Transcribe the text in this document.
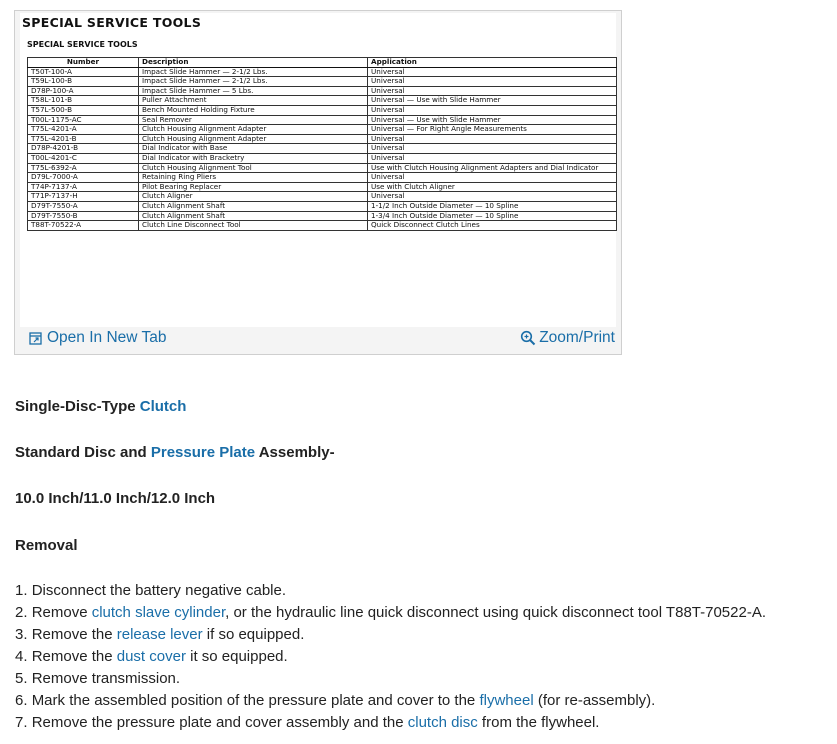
SPECIAL SERVICE TOOLS
SPECIAL SERVICE TOOLS
Number	Description	Application
T50T-100-A	Impact Slide Hammer — 2-1/2 Lbs.	Universal
T59L-100-B	Impact Slide Hammer — 2-1/2 Lbs.	Universal
D78P-100-A	Impact Slide Hammer — 5 Lbs.	Universal
T58L-101-B	Puller Attachment	Universal — Use with Slide Hammer
T57L-500-B	Bench Mounted Holding Fixture	Universal
T00L-1175-AC	Seal Remover	Universal — Use with Slide Hammer
T75L-4201-A	Clutch Housing Alignment Adapter	Universal — For Right Angle Measurements
T75L-4201-B	Clutch Housing Alignment Adapter	Universal
D78P-4201-B	Dial Indicator with Base	Universal
T00L-4201-C	Dial Indicator with Bracketry	Universal
T75L-6392-A	Clutch Housing Alignment Tool	Use with Clutch Housing Alignment Adapters and Dial Indicator
D79L-7000-A	Retaining Ring Pliers	Universal
T74P-7137-A	Pilot Bearing Replacer	Use with Clutch Aligner
T71P-7137-H	Clutch Aligner	Universal
D79T-7550-A	Clutch Alignment Shaft	1-1/2 Inch Outside Diameter — 10 Spline
D79T-7550-B	Clutch Alignment Shaft	1-3/4 Inch Outside Diameter — 10 Spline
T88T-70522-A	Clutch Line Disconnect Tool	Quick Disconnect Clutch Lines
Open In New Tab	Zoom/Print
Single-Disc-Type Clutch
Standard Disc and Pressure Plate Assembly-
10.0 Inch/11.0 Inch/12.0 Inch
Removal
1. Disconnect the battery negative cable.
2. Remove clutch slave cylinder, or the hydraulic line quick disconnect using quick disconnect tool T88T-70522-A.
3. Remove the release lever if so equipped.
4. Remove the dust cover it so equipped.
5. Remove transmission.
6. Mark the assembled position of the pressure plate and cover to the flywheel (for re-assembly).
7. Remove the pressure plate and cover assembly and the clutch disc from the flywheel.
